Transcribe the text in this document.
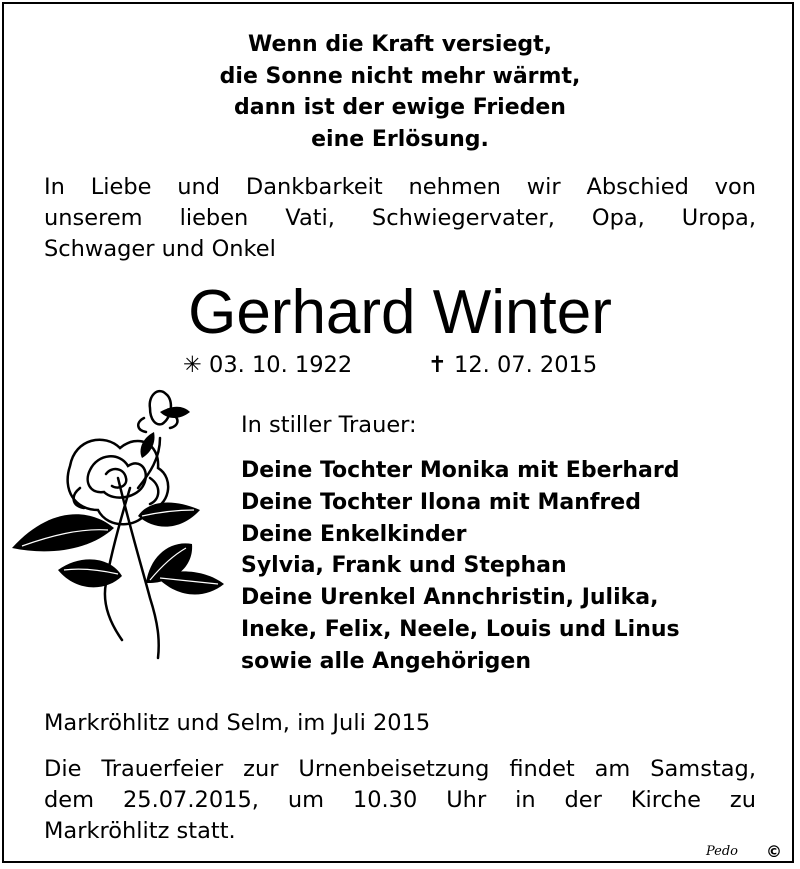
Wenn die Kraft versiegt,
die Sonne nicht mehr wärmt,
dann ist der ewige Frieden
eine Erlösung.
In Liebe und Dankbarkeit nehmen wir Abschied von
unserem lieben Vati, Schwiegervater, Opa, Uropa,
Schwager und Onkel
Gerhard Winter
✳ 03. 10. 1922	✝ 12. 07. 2015
In stiller Trauer:
Deine Tochter Monika mit Eberhard
Deine Tochter Ilona mit Manfred
Deine Enkelkinder
Sylvia, Frank und Stephan
Deine Urenkel Annchristin, Julika,
Ineke, Felix, Neele, Louis und Linus
sowie alle Angehörigen
Markröhlitz und Selm, im Juli 2015
Die Trauerfeier zur Urnenbeisetzung findet am Samstag,
dem 25.07.2015, um 10.30 Uhr in der Kirche zu
Markröhlitz statt.
Pedo ©
